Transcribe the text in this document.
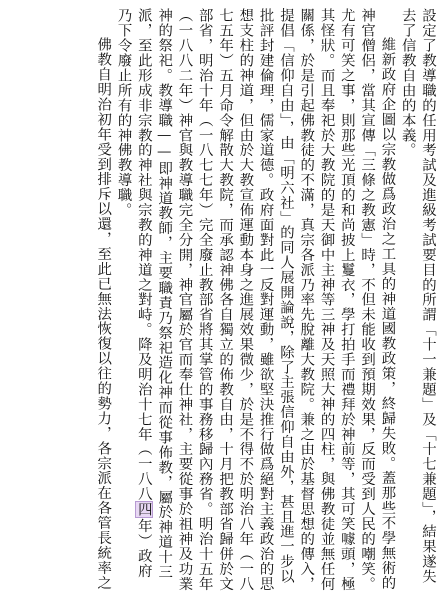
設定了教導職的任用考試及進級考試要目的所謂「十一兼題」及「十七兼題」，結果遂失去了信教自由的本義。

維新政府企圖以宗教做爲政治之工具的神道國教政策，終歸失敗。蓋那些不學無術的神官僧侶，當其宣傳「三條之教憲」時，不但未能收到預期效果，反而受到人民的嘲笑。尤有可笑之事，則那些光頂的和尚披上鬘衣，學打拍手而禮拜於神前等，其可笑噱頭，極其怪狀。而且奉祀於大教院的是天御中主神等三神及天照大神的四柱，與佛教徒並無任何關係，於是引起佛教徒的不滿，真宗各派乃率先脫離大教院。兼之由於基督思想的傳入，提倡「信仰自由」，由「明六社」的同人展開論說，除了主張信仰自由外，甚且進一步以批評封建倫理，儒家道德。政府面對此一反對運動，雖欲堅決推行做爲絕對主義政治的思想支柱的神道，但由於大教宣佈運動本身之進展效果微少，於是不得不於明治八年（一八七五年）五月命令解散大教院，而承認神佛各自獨立的佈教自由，十月把教部省歸併於文部省，明治十年（一八七七年）完全廢止教部省將其掌管的事務移歸內務省。明治十五年（一八八二年）神官與教導職完全分開，神官屬於官而奉仕神社，主要從事於祖神及功業神的祭祀。教導職——即神道教師，主要職責乃祭祀造化神而從事佈教，屬於神道十三派，至此形成非宗教的神社與宗教的神道之對峙。降及明治十七年（一八八四年）政府乃下令廢止所有的神佛教導職。

佛教自明治初年受到排斥以還，至此已無法恢復以往的勢力，各宗派在各管長統率之
